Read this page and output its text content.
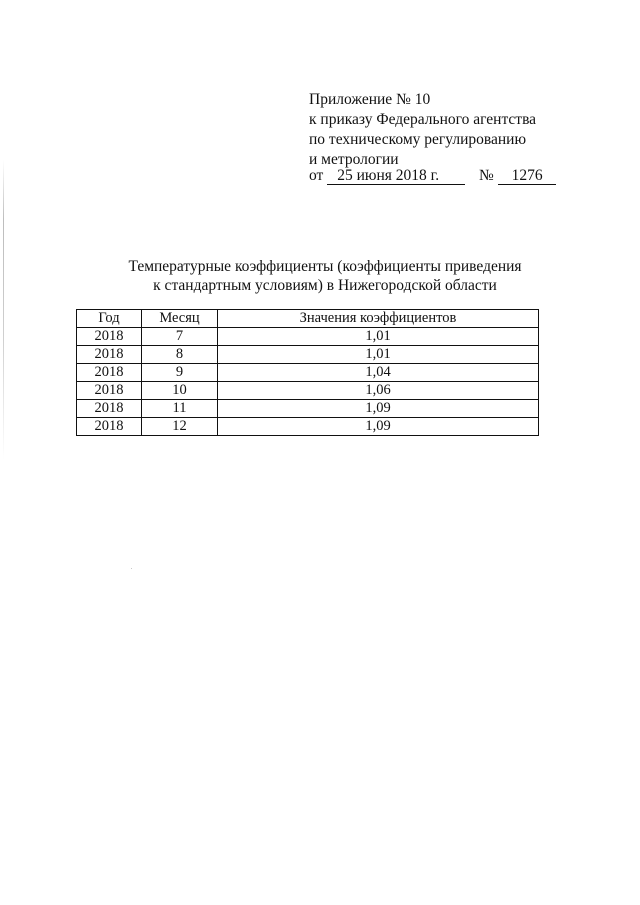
Приложение № 10
к приказу Федерального агентства
по техническому регулированию
и метрологии
от 25 июня 2018 г.	№ 1276
Температурные коэффициенты (коэффициенты приведения
к стандартным условиям) в Нижегородской области
Год	Месяц	Значения коэффициентов
2018	7	1,01
2018	8	1,01
2018	9	1,04
2018	10	1,06
2018	11	1,09
2018	12	1,09
